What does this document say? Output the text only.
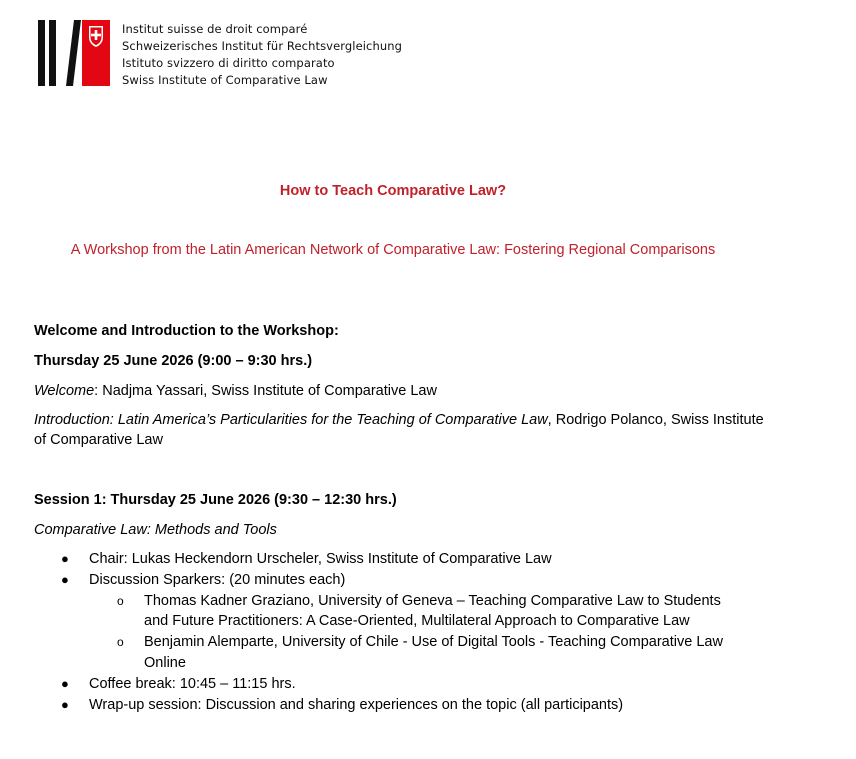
Institut suisse de droit comparé
Schweizerisches Institut für Rechtsvergleichung
Istituto svizzero di diritto comparato
Swiss Institute of Comparative Law
How to Teach Comparative Law?
A Workshop from the Latin American Network of Comparative Law: Fostering Regional Comparisons
Welcome and Introduction to the Workshop:
Thursday 25 June 2026 (9:00 – 9:30 hrs.)
Welcome: Nadjma Yassari, Swiss Institute of Comparative Law
Introduction: Latin America’s Particularities for the Teaching of Comparative Law, Rodrigo Polanco, Swiss Institute of Comparative Law
Session 1: Thursday 25 June 2026 (9:30 – 12:30 hrs.)
Comparative Law: Methods and Tools
● Chair: Lukas Heckendorn Urscheler, Swiss Institute of Comparative Law
● Discussion Sparkers: (20 minutes each)
o Thomas Kadner Graziano, University of Geneva – Teaching Comparative Law to Students and Future Practitioners: A Case-Oriented, Multilateral Approach to Comparative Law
o Benjamin Alemparte, University of Chile - Use of Digital Tools - Teaching Comparative Law Online
● Coffee break: 10:45 – 11:15 hrs.
● Wrap-up session: Discussion and sharing experiences on the topic (all participants)
